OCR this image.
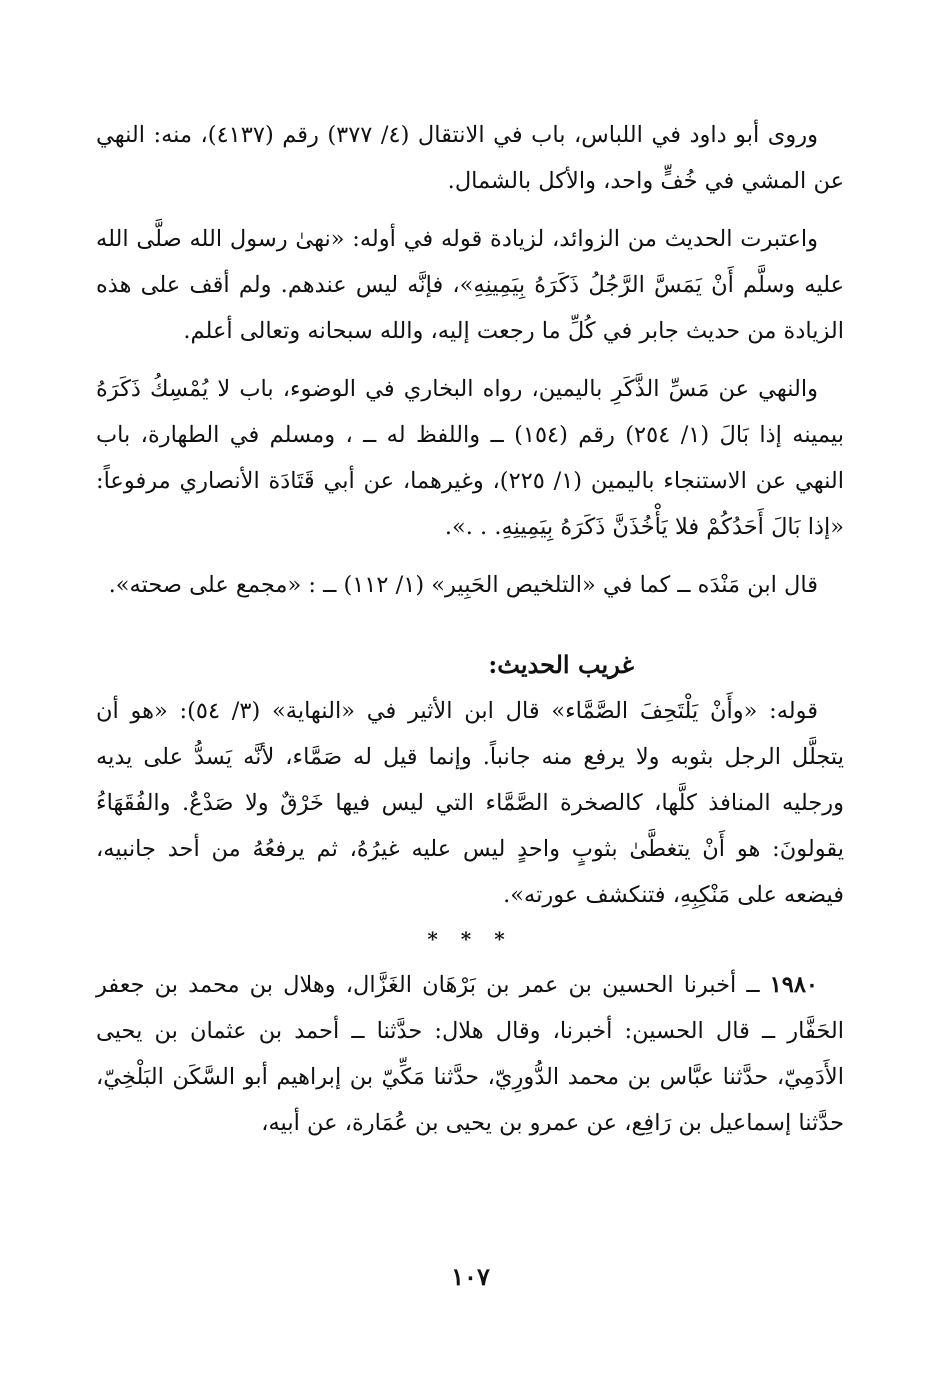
وروى أبو داود في اللباس، باب في الانتقال (٤/ ٣٧٧) رقم (٤١٣٧)، منه: النهي عن المشي في خُفٍّ واحد، والأكل بالشمال.

واعتبرت الحديث من الزوائد، لزيادة قوله في أوله: «نهىٰ رسول الله صلَّى الله عليه وسلَّم أَنْ يَمَسَّ الرَّجُلُ ذَكَرَهُ بِيَمِينِهِ»، فإنَّه ليس عندهم. ولم أقف على هذه الزيادة من حديث جابر في كُلِّ ما رجعت إليه، والله سبحانه وتعالى أعلم.

والنهي عن مَسِّ الذَّكَرِ باليمين، رواه البخاري في الوضوء، باب لا يُمْسِكُ ذَكَرَهُ بيمينه إذا بَالَ (١/ ٢٥٤) رقم (١٥٤) ــ واللفظ له ــ ، ومسلم في الطهارة، باب النهي عن الاستنجاء باليمين (١/ ٢٢٥)، وغيرهما، عن أبي قَتَادَة الأنصاري مرفوعاً: «إذا بَالَ أَحَدُكُمْ فلا يَأْخُذَنَّ ذَكَرَهُ بِيَمِينِهِ. . .».

قال ابن مَنْدَه ــ كما في «التلخيص الحَبِير» (١/ ١١٢) ــ : «مجمع على صحته».

غريب الحديث:

قوله: «وأَنْ يَلْتَحِفَ الصَّمَّاء» قال ابن الأثير في «النهاية» (٣/ ٥٤): «هو أن يتجلَّل الرجل بثوبه ولا يرفع منه جانباً. وإنما قيل له صَمَّاء، لأنَّه يَسدُّ على يديه ورجليه المنافذ كلَّها، كالصخرة الصَّمَّاء التي ليس فيها خَرْقٌ ولا صَدْعٌ. والفُقَهَاءُ يقولونَ: هو أَنْ يتغطَّىٰ بثوبٍ واحدٍ ليس عليه غيرُهُ، ثم يرفعُهُ من أحد جانبيه، فيضعه على مَنْكِبِهِ، فتنكشف عورته».

* * *

١٩٨٠ ــ أخبرنا الحسين بن عمر بن بَرْهَان الغَزَّال، وهلال بن محمد بن جعفر الحَفَّار ــ قال الحسين: أخبرنا، وقال هلال: حدَّثنا ــ أحمد بن عثمان بن يحيى الأَدَمِيّ، حدَّثنا عبَّاس بن محمد الدُّورِيّ، حدَّثنا مَكِّيّ بن إبراهيم أبو السَّكَن البَلْخِيّ، حدَّثنا إسماعيل بن رَافِع، عن عمرو بن يحيى بن عُمَارة، عن أبيه،

١٠٧
